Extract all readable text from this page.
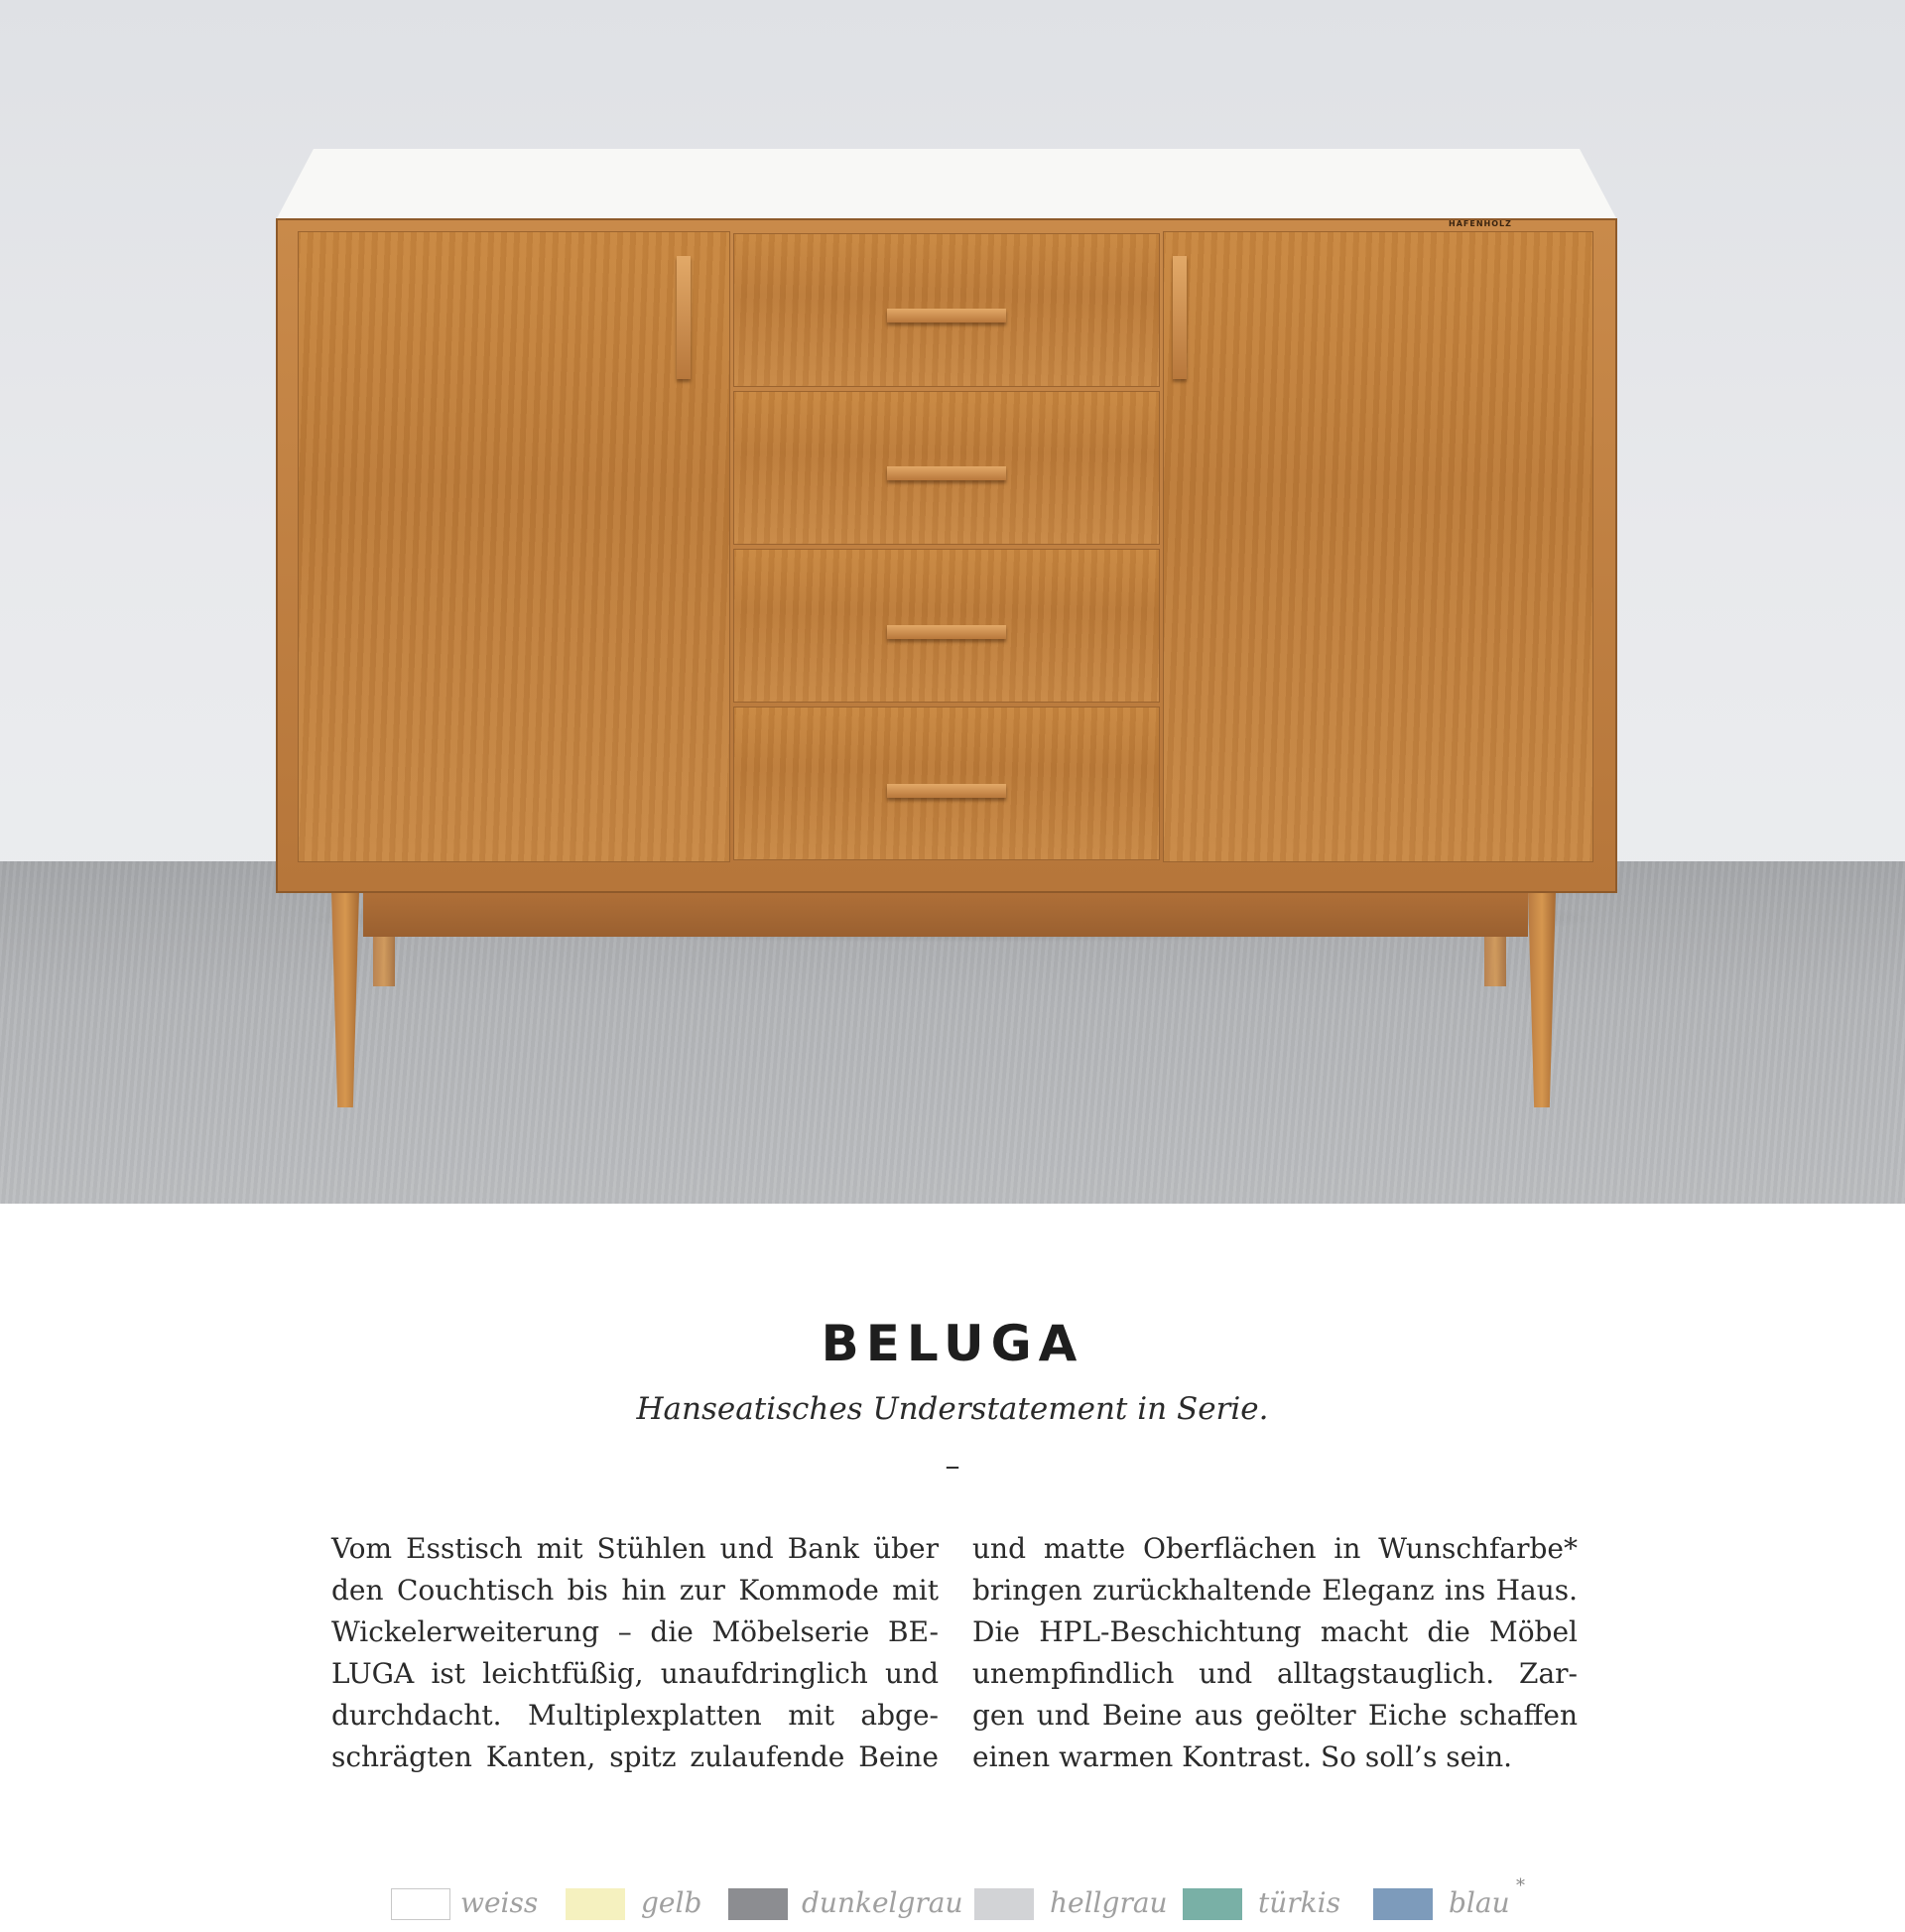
HAFENHOLZ
BELUGA
Hanseatisches Understatement in Serie.
–
Vom Esstisch mit Stühlen und Bank über
den Couchtisch bis hin zur Kommode mit
Wickelerweiterung – die Möbelserie BE-
LUGA ist leichtfüßig, unaufdringlich und
durchdacht. Multiplexplatten mit abge-
schrägten Kanten, spitz zulaufende Beine
und matte Oberflächen in Wunschfarbe*
bringen zurückhaltende Eleganz ins Haus.
Die HPL-Beschichtung macht die Möbel
unempfindlich und alltagstauglich. Zar-
gen und Beine aus geölter Eiche schaffen
einen warmen Kontrast. So soll’s sein.
weiss	gelb	dunkelgrau	hellgrau	türkis	blau
*
